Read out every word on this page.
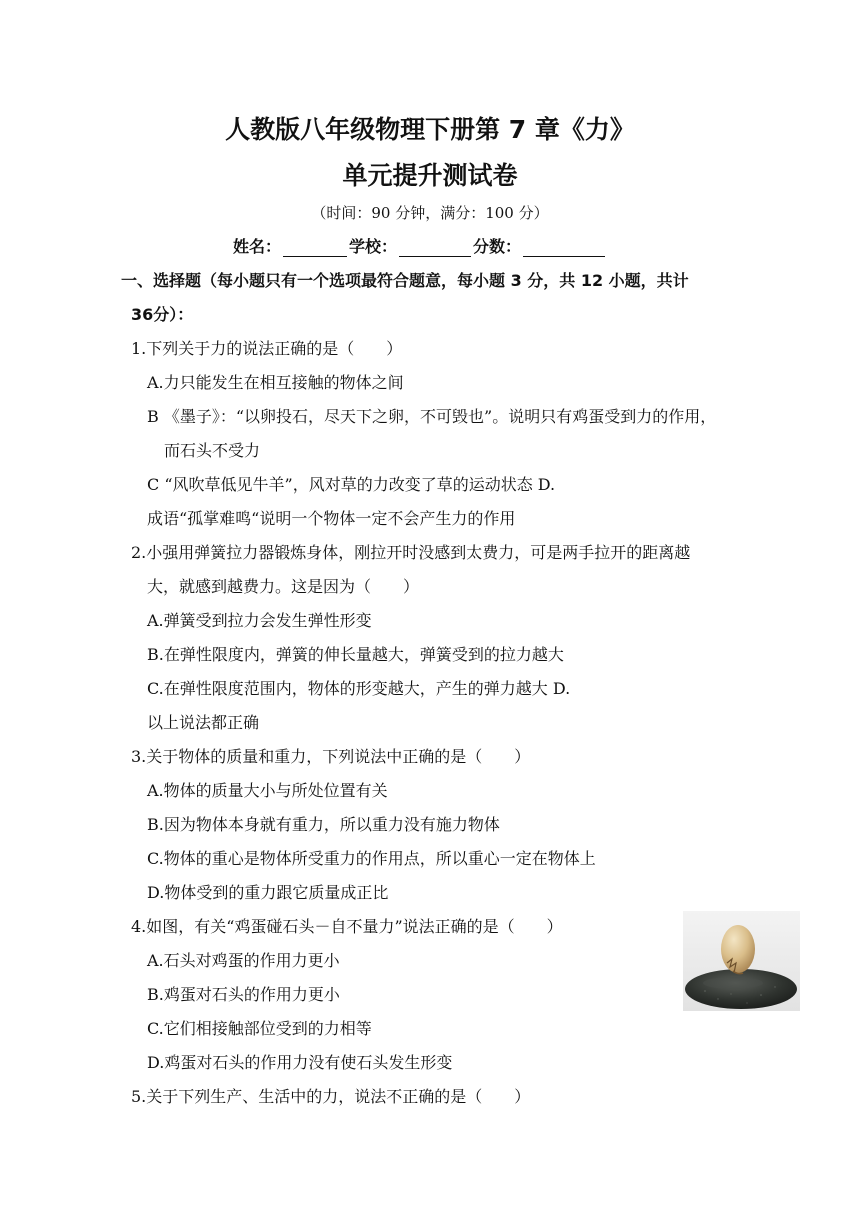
人教版八年级物理下册第 7 章《力》
单元提升测试卷
（时间：90 分钟，满分：100 分）
姓名：	学校：	分数：
一、选择题（每小题只有一个选项最符合题意，每小题 3 分，共 12 小题，共计
36分）：
1.下列关于力的说法正确的是（　　）
A.力只能发生在相互接触的物体之间
B 《墨子》：“以卵投石，尽天下之卵，不可毁也”。说明只有鸡蛋受到力的作用，
而石头不受力
C “风吹草低见牛羊”，风对草的力改变了草的运动状态 D.
成语“孤掌难鸣“说明一个物体一定不会产生力的作用
2.小强用弹簧拉力器锻炼身体，刚拉开时没感到太费力，可是两手拉开的距离越
大，就感到越费力。这是因为（　　）
A.弹簧受到拉力会发生弹性形变
B.在弹性限度内，弹簧的伸长量越大，弹簧受到的拉力越大
C.在弹性限度范围内，物体的形变越大，产生的弹力越大 D.
以上说法都正确
3.关于物体的质量和重力，下列说法中正确的是（　　）
A.物体的质量大小与所处位置有关
B.因为物体本身就有重力，所以重力没有施力物体
C.物体的重心是物体所受重力的作用点，所以重心一定在物体上
D.物体受到的重力跟它质量成正比
4.如图，有关“鸡蛋碰石头－自不量力”说法正确的是（　　）
A.石头对鸡蛋的作用力更小
B.鸡蛋对石头的作用力更小
C.它们相接触部位受到的力相等
D.鸡蛋对石头的作用力没有使石头发生形变
5.关于下列生产、生活中的力，说法不正确的是（　　）
